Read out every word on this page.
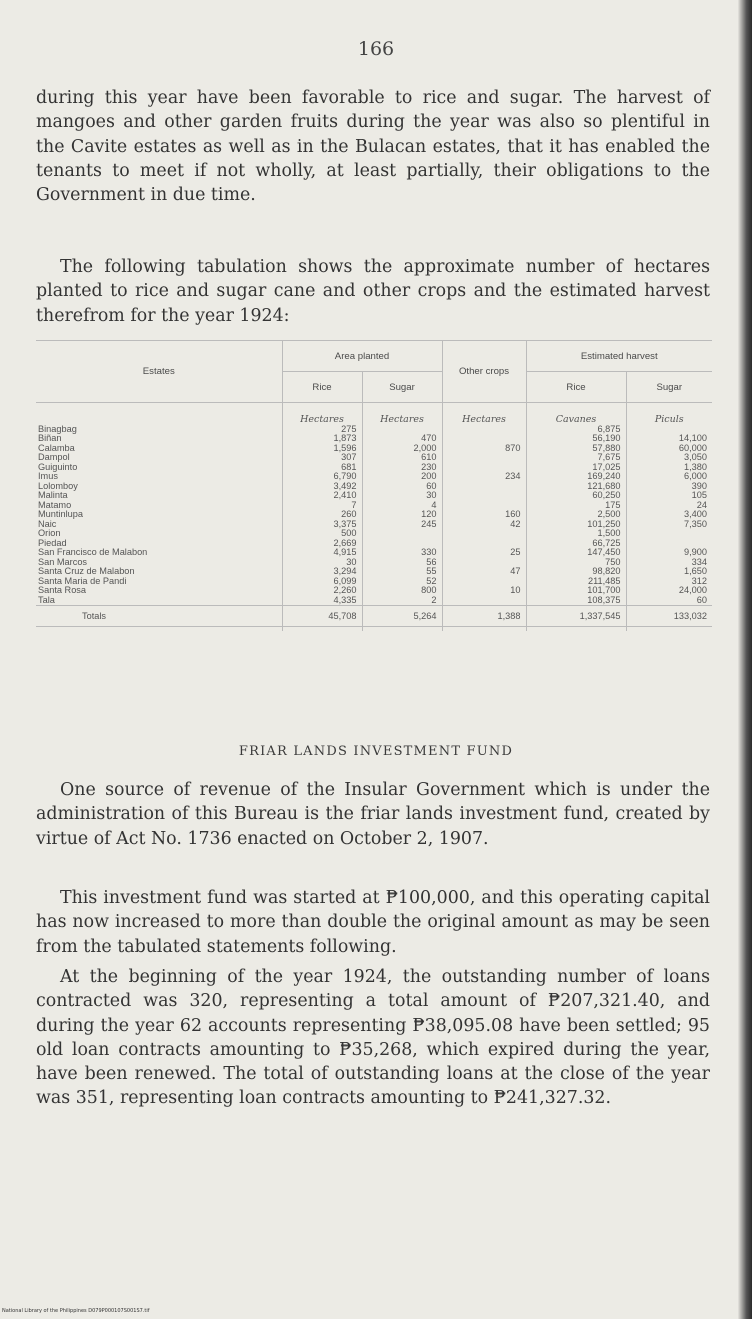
166

during this year have been favorable to rice and sugar. The harvest of mangoes and other garden fruits during the year was also so plentiful in the Cavite estates as well as in the Bulacan estates, that it has enabled the tenants to meet if not wholly, at least partially, their obligations to the Government in due time.

The following tabulation shows the approximate number of hectares planted to rice and sugar cane and other crops and the estimated harvest therefrom for the year 1924:

Estates	Area planted		Other crops	Estimated harvest	
	Rice	Sugar		Rice	Sugar
	Hectares	Hectares	Hectares	Cavanes	Piculs
Binagbag	275			6,875	
Biñan	1,873	470		56,190	14,100
Calamba	1,596	2,000	870	57,880	60,000
Dampol	307	610		7,675	3,050
Guiguinto	681	230		17,025	1,380
Imus	6,790	200	234	169,240	6,000
Lolomboy	3,492	60		121,680	390
Malinta	2,410	30		60,250	105
Matamo	7	4		175	24
Muntinlupa	260	120	160	2,500	3,400
Naic	3,375	245	42	101,250	7,350
Orion	500			1,500	
Piedad	2,669			66,725	
San Francisco de Malabon	4,915	330	25	147,450	9,900
San Marcos	30	56		750	334
Santa Cruz de Malabon	3,294	55	47	98,820	1,650
Santa Maria de Pandi	6,099	52		211,485	312
Santa Rosa	2,260	800	10	101,700	24,000
Tala	4,335	2		108,375	60
Totals	45,708	5,264	1,388	1,337,545	133,032

FRIAR LANDS INVESTMENT FUND

One source of revenue of the Insular Government which is under the administration of this Bureau is the friar lands investment fund, created by virtue of Act No. 1736 enacted on October 2, 1907.

This investment fund was started at ₱100,000, and this operating capital has now increased to more than double the original amount as may be seen from the tabulated statements following.

At the beginning of the year 1924, the outstanding number of loans contracted was 320, representing a total amount of ₱207,321.40, and during the year 62 accounts representing ₱38,095.08 have been settled; 95 old loan contracts amounting to ₱35,268, which expired during the year, have been renewed. The total of outstanding loans at the close of the year was 351, representing loan contracts amounting to ₱241,327.32.

National Library of the Philippines D079P000107S001S7.tif
